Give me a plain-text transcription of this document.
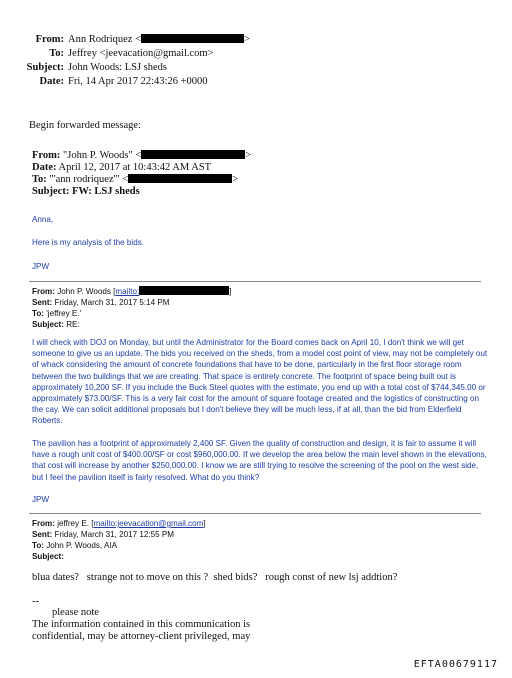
From: Ann Rodriquez <	>
To: Jeffrey <jeevacation@gmail.com>
Subject: John Woods: LSJ sheds
Date: Fri, 14 Apr 2017 22:43:26 +0000
Begin forwarded message:
From: "John P. Woods" <	>
Date: April 12, 2017 at 10:43:42 AM AST
To: "'ann rodriquez'" <	>
Subject: FW: LSJ sheds
Anna,
Here is my analysis of the bids.
JPW
From: John P. Woods [mailto:	]
Sent: Friday, March 31, 2017 5:14 PM
To: 'jeffrey E.'
Subject: RE:
I will check with DOJ on Monday, but until the Administrator for the Board comes back on April 10, I don't think we will get someone to give us an update. The bids you received on the sheds, from a model cost point of view, may not be completely out of whack considering the amount of concrete foundations that have to be done, particularly in the first floor storage room between the two buildings that we are creating. That space is entirely concrete. The footprint of space being built out is approximately 10,200 SF. If you include the Buck Steel quotes with the estimate, you end up with a total cost of $744,345.00 or approximately $73.00/SF. This is a very fair cost for the amount of square footage created and the logistics of constructing on the cay. We can solicit additional proposals but I don't believe they will be much less, if at all, than the bid from Elderfield Roberts.
The pavilion has a footprint of approximately 2,400 SF. Given the quality of construction and design, it is fair to assume it will have a rough unit cost of $400.00/SF or cost $960,000.00. If we develop the area below the main level shown in the elevations, that cost will increase by another $250,000.00. I know we are still trying to resolve the screening of the pool on the west side, but I feel the pavilion itself is fairly resolved. What do you think?
JPW
From: jeffrey E. [mailto:jeevacation@gmail.com]
Sent: Friday, March 31, 2017 12:55 PM
To: John P. Woods, AIA
Subject:
blua dates?   strange not to move on this ?  shed bids?   rough const of new lsj addtion?
--
please note
The information contained in this communication is
confidential, may be attorney-client privileged, may
EFTA00679117
